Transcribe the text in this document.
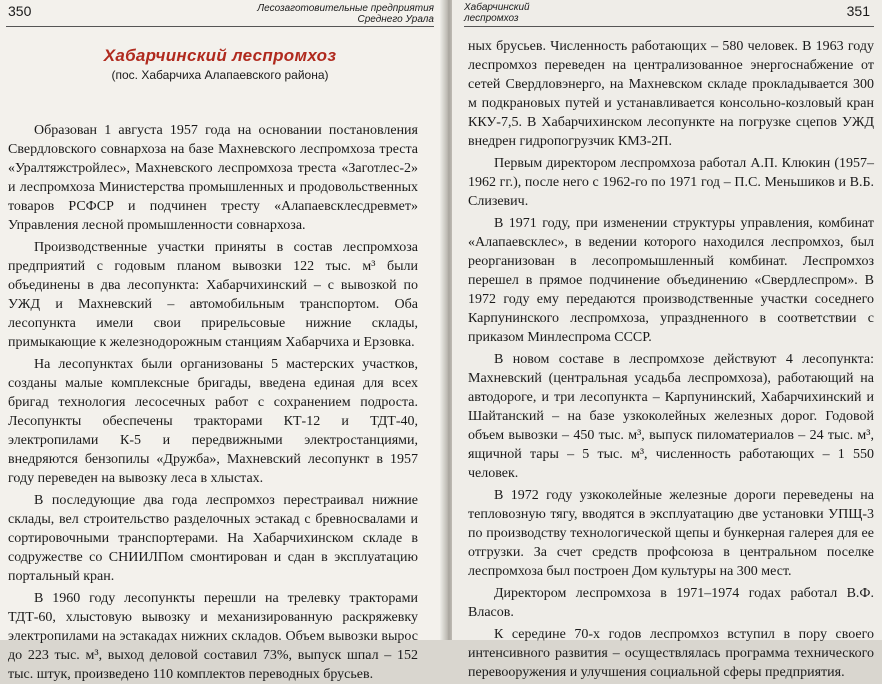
350	Лесозаготовительные предприятия
Среднего Урала
Хабарчинский леспромхоз
(пос. Хабарчиха Алапаевского района)

Образован 1 августа 1957 года на основании постановления Свердловского совнархоза на базе Махневского леспромхоза треста «Уралтяжстройлес», Махневского леспромхоза треста «Заготлес-2» и леспромхоза Министерства промышленных и продовольственных товаров РСФСР и подчинен тресту «Алапаевсклеcдревмет» Управления лесной промышленности совнархоза.

Производственные участки приняты в состав леспромхоза предприятий с годовым планом вывозки 122 тыс. м³ были объединены в два лесопункта: Хабарчихинский – с вывозкой по УЖД и Махневский – автомобильным транспортом. Оба лесопункта имели свои прирельсовые нижние склады, примыкающие к железнодорожным станциям Хабарчиха и Ерзовка.

На лесопунктах были организованы 5 мастерских участков, созданы малые комплексные бригады, введена единая для всех бригад технология лесосечных работ с сохранением подроста. Лесопункты обеспечены тракторами КТ-12 и ТДТ-40, электропилами К-5 и передвижными электростанциями, внедряются бензопилы «Дружба», Махневский лесопункт в 1957 году переведен на вывозку леса в хлыстах.

В последующие два года леспромхоз перестраивал нижние склады, вел строительство разделочных эстакад с бревносвалами и сортировочными транспортерами. На Хабарчихинском складе в содружестве со СНИИЛПом смонтирован и сдан в эксплуатацию портальный кран.

В 1960 году лесопункты перешли на трелевку тракторами ТДТ-60, хлыстовую вывозку и механизированную раскряжевку электропилами на эстакадах нижних складов. Объем вывозки вырос до 223 тыс. м³, выход деловой составил 73%, выпуск шпал – 152 тыс. штук, произведено 110 комплектов переводных брусьев.

Хабарчинский
леспромхоз	351

ных брусьев. Численность работающих – 580 человек. В 1963 году леспромхоз переведен на централизованное энергоснабжение от сетей Свердловэнерго, на Махневском складе прокладывается 300 м подкрановых путей и устанавливается консольно-козловый кран ККУ-7,5. В Хабарчихинском лесопункте на погрузке сцепов УЖД внедрен гидропогрузчик КМЗ-2П.

Первым директором леспромхоза работал А.П. Клюкин (1957–1962 гг.), после него с 1962-го по 1971 год – П.С. Меньшиков и В.Б. Слизевич.

В 1971 году, при изменении структуры управления, комбинат «Алапаевсклес», в ведении которого находился леспромхоз, был реорганизован в лесопромышленный комбинат. Леспромхоз перешел в прямое подчинение объединению «Свердлеспром». В 1972 году ему передаются производственные участки соседнего Карпунинского леспромхоза, упраздненного в соответствии с приказом Минлеспрома СССР.

В новом составе в леспромхозе действуют 4 лесопункта: Махневский (центральная усадьба леспромхоза), работающий на автодороге, и три лесопункта – Карпунинский, Хабарчихинский и Шайтанский – на базе узкоколейных железных дорог. Годовой объем вывозки – 450 тыс. м³, выпуск пиломатериалов – 24 тыс. м³, ящичной тары – 5 тыс. м³, численность работающих – 1 550 человек.

В 1972 году узкоколейные железные дороги переведены на тепловозную тягу, вводятся в эксплуатацию две установки УПЩ-3 по производству технологической щепы и бункерная галерея для ее отгрузки. За счет средств профсоюза в центральном поселке леспромхоза был построен Дом культуры на 300 мест.

Директором леспромхоза в 1971–1974 годах работал В.Ф. Власов.

К середине 70-х годов леспромхоз вступил в пору своего интенсивного развития – осуществлялась программа технического перевооружения и улучшения социальной сферы предприятия.
